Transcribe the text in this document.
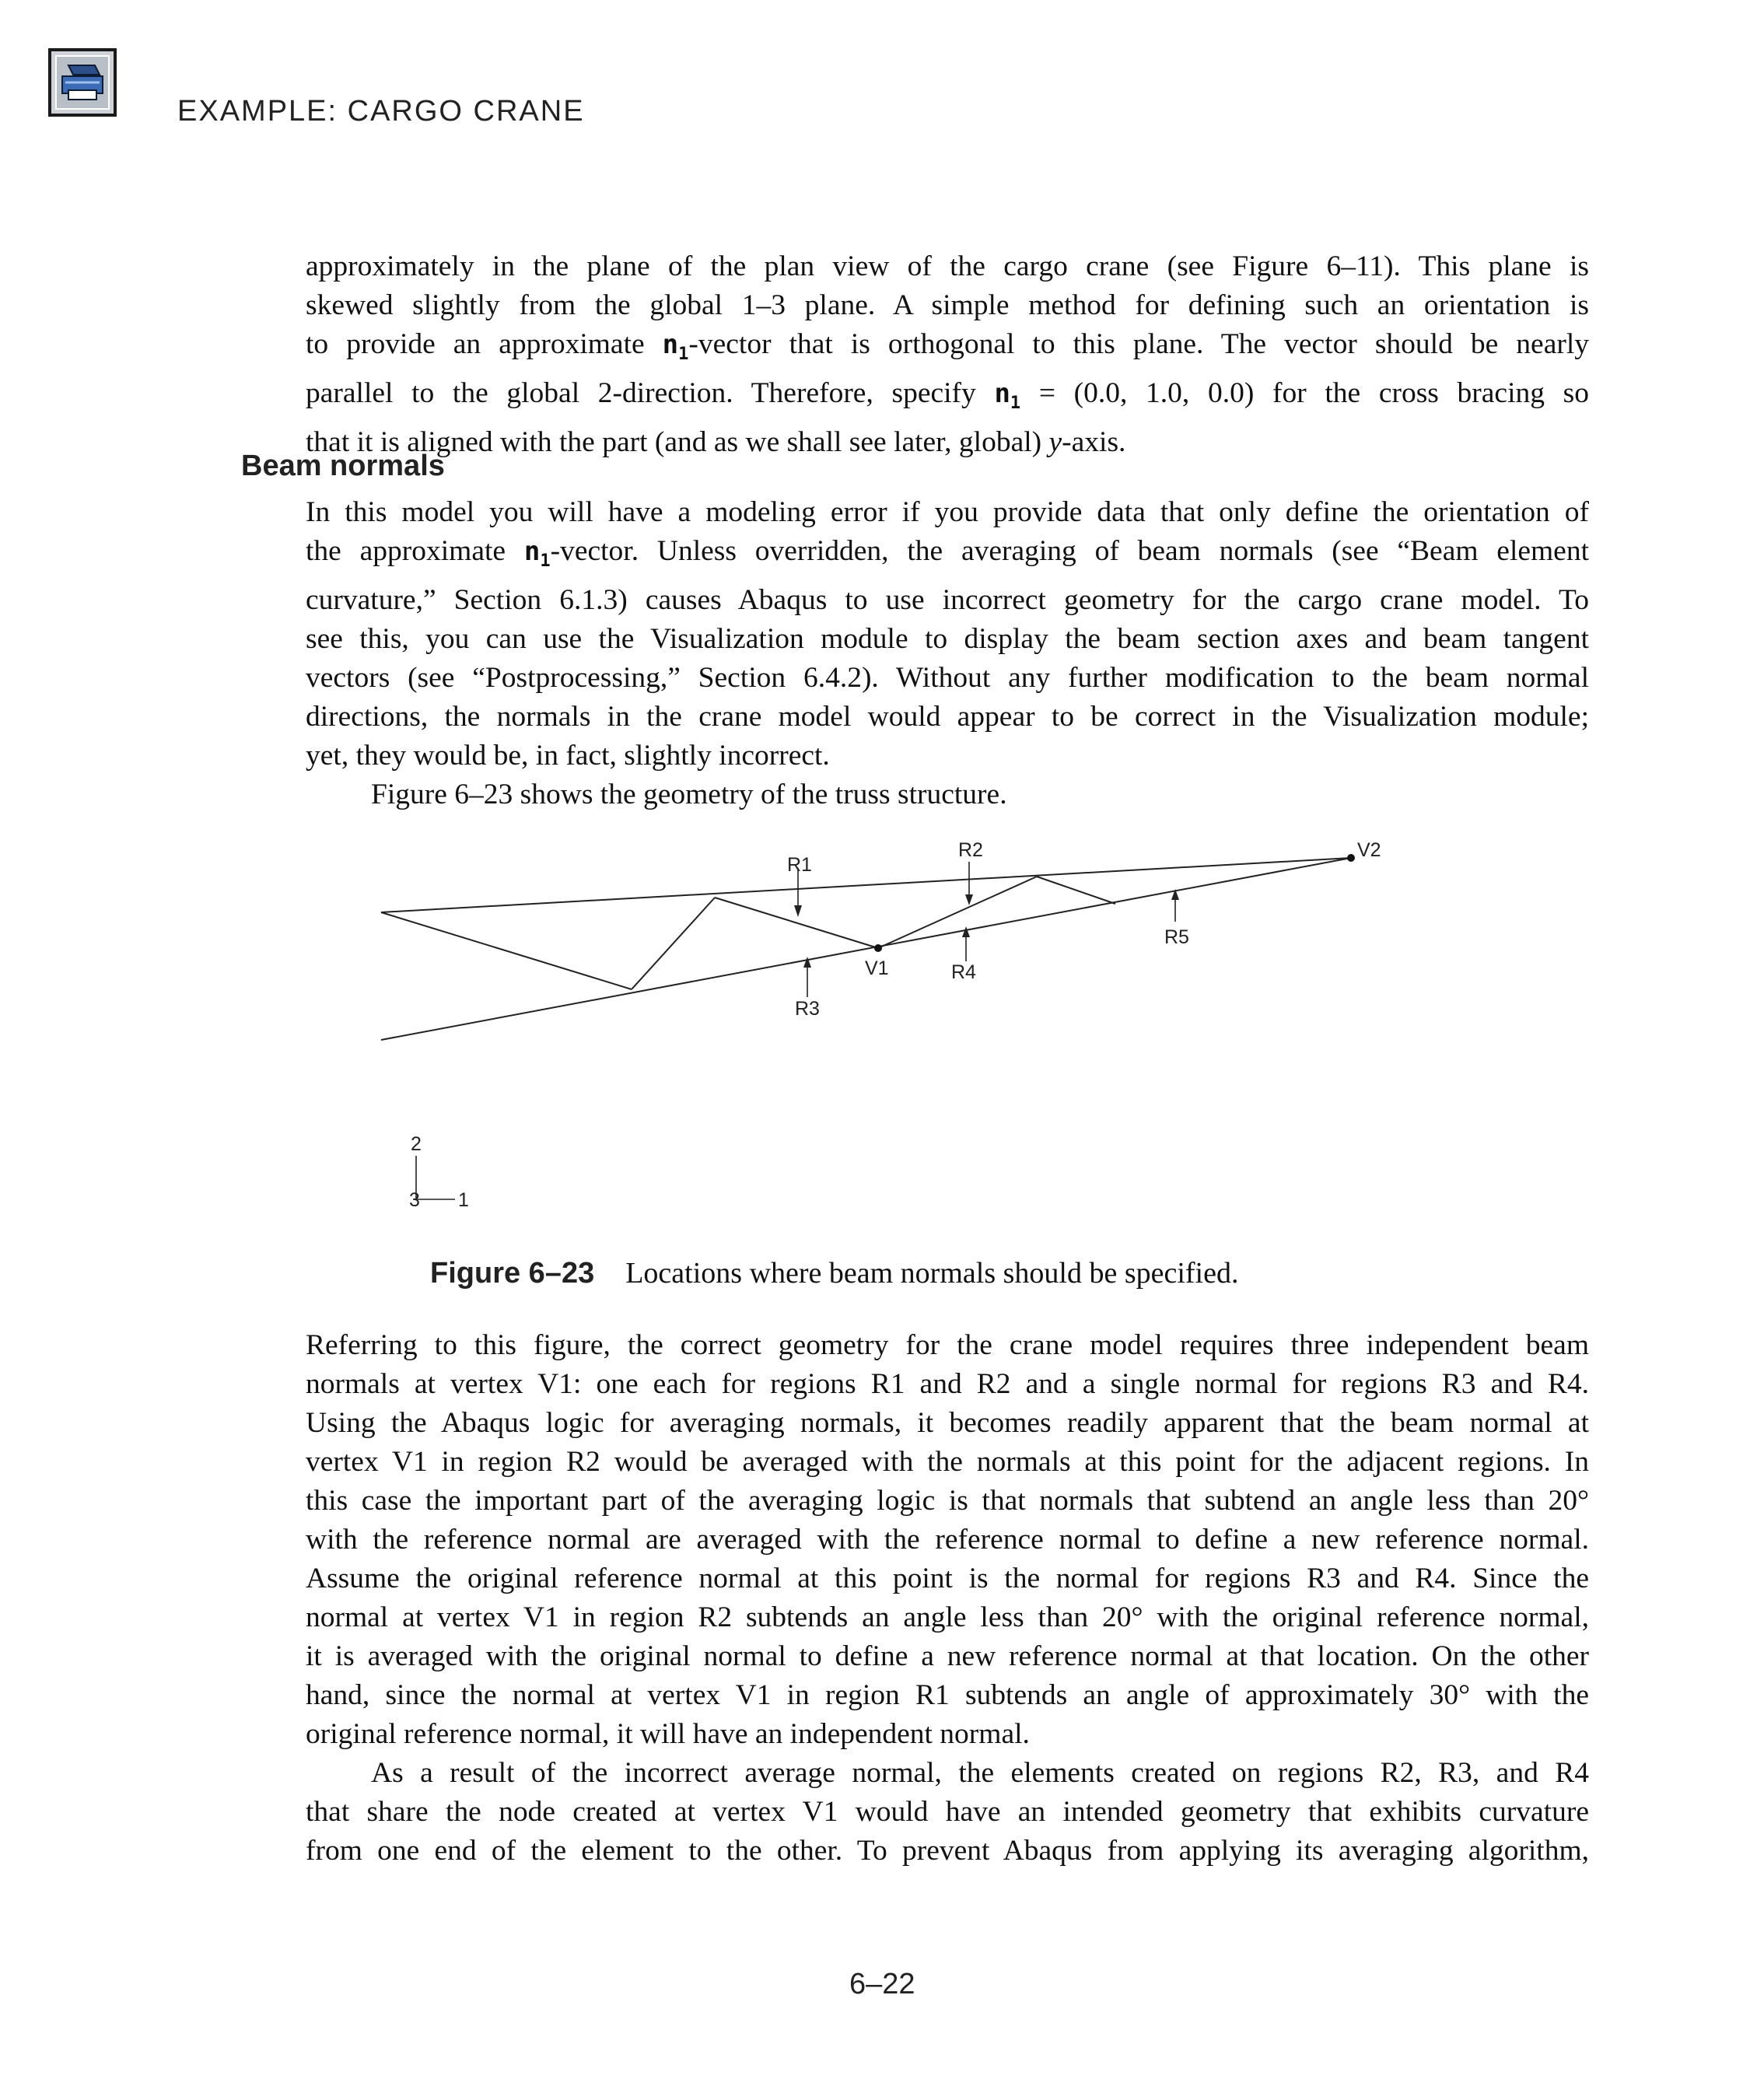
EXAMPLE: CARGO CRANE
approximately in the plane of the plan view of the cargo crane (see Figure 6–11). This plane is
skewed slightly from the global 1–3 plane. A simple method for defining such an orientation is
to provide an approximate $n_1$-vector that is orthogonal to this plane. The vector should be nearly
parallel to the global 2-direction. Therefore, specify $n_1 = (0.0$, 1.0, 0.0) for the cross bracing so
that it is aligned with the part (and as we shall see later, global) y-axis.
Beam normals
In this model you will have a modeling error if you provide data that only define the orientation of
the approximate $n_1$-vector. Unless overridden, the averaging of beam normals (see “Beam element
curvature,” Section 6.1.3) causes Abaqus to use incorrect geometry for the cargo crane model. To
see this, you can use the Visualization module to display the beam section axes and beam tangent
vectors (see “Postprocessing,” Section 6.4.2). Without any further modification to the beam normal
directions, the normals in the crane model would appear to be correct in the Visualization module;
yet, they would be, in fact, slightly incorrect.
Figure 6–23 shows the geometry of the truss structure.
R1
R2
R3
R4
R5
V1
V2
2
1
3
Figure 6–23 Locations where beam normals should be specified.
Referring to this figure, the correct geometry for the crane model requires three independent beam
normals at vertex V1: one each for regions R1 and R2 and a single normal for regions R3 and R4.
Using the Abaqus logic for averaging normals, it becomes readily apparent that the beam normal at
vertex V1 in region R2 would be averaged with the normals at this point for the adjacent regions. In
this case the important part of the averaging logic is that normals that subtend an angle less than 20°
with the reference normal are averaged with the reference normal to define a new reference normal.
Assume the original reference normal at this point is the normal for regions R3 and R4. Since the
normal at vertex V1 in region R2 subtends an angle less than 20° with the original reference normal,
it is averaged with the original normal to define a new reference normal at that location. On the other
hand, since the normal at vertex V1 in region R1 subtends an angle of approximately 30° with the
original reference normal, it will have an independent normal.
As a result of the incorrect average normal, the elements created on regions R2, R3, and R4
that share the node created at vertex V1 would have an intended geometry that exhibits curvature
from one end of the element to the other. To prevent Abaqus from applying its averaging algorithm,
6–22
